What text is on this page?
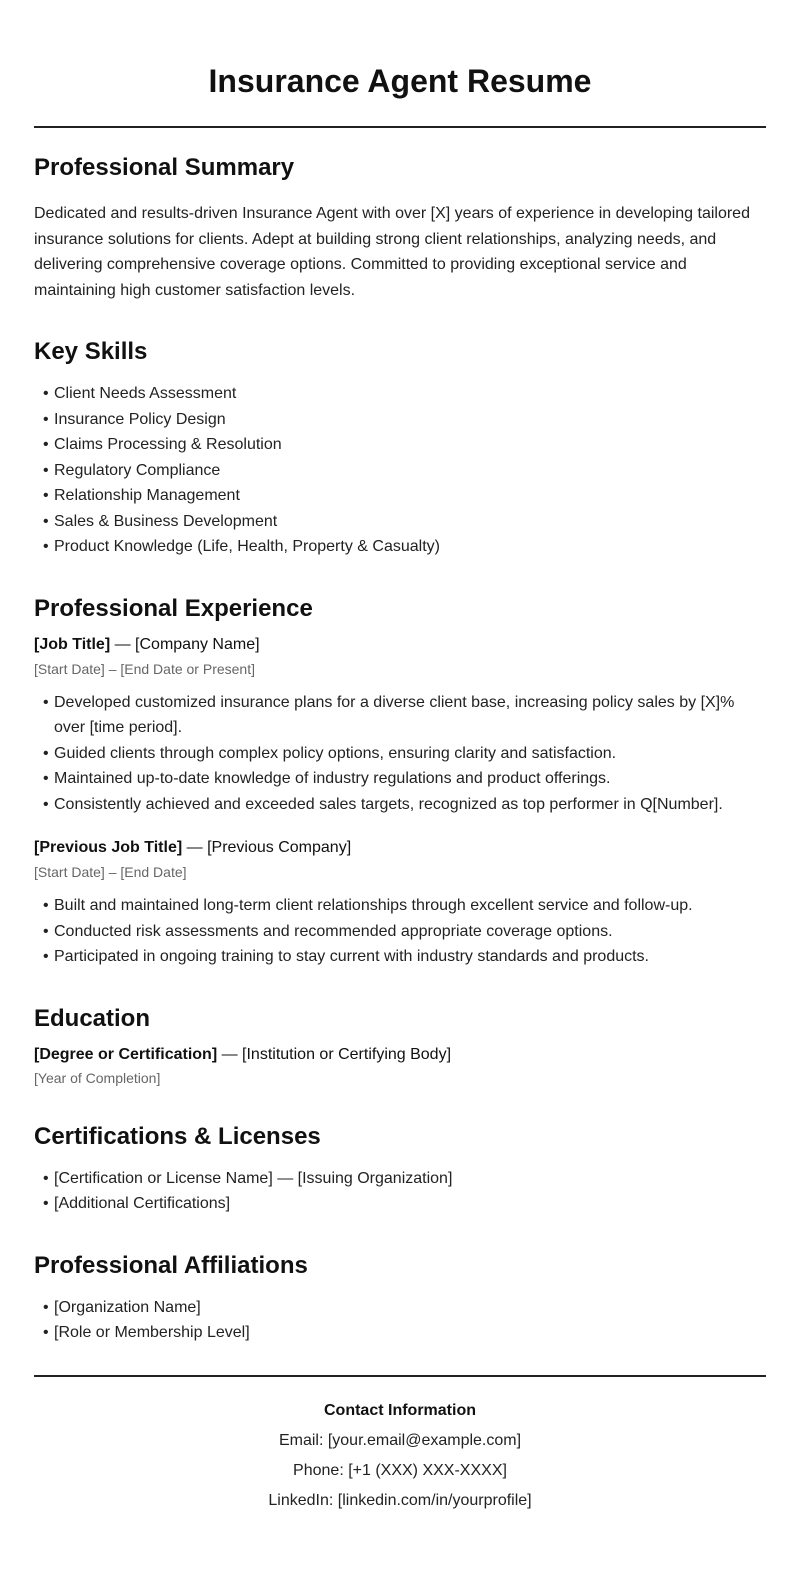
Insurance Agent Resume
Professional Summary

Dedicated and results-driven Insurance Agent with over [X] years of experience in developing tailored insurance solutions for clients. Adept at building strong client relationships, analyzing needs, and delivering comprehensive coverage options. Committed to providing exceptional service and maintaining high customer satisfaction levels.

Key Skills
• Client Needs Assessment
• Insurance Policy Design
• Claims Processing & Resolution
• Regulatory Compliance
• Relationship Management
• Sales & Business Development
• Product Knowledge (Life, Health, Property & Casualty)
Professional Experience

[Job Title] — [Company Name]

[Start Date] – [End Date or Present]

• Developed customized insurance plans for a diverse client base, increasing policy sales by [X]% over [time period].
• Guided clients through complex policy options, ensuring clarity and satisfaction.
• Maintained up-to-date knowledge of industry regulations and product offerings.
• Consistently achieved and exceeded sales targets, recognized as top performer in Q[Number].

[Previous Job Title] — [Previous Company]

[Start Date] – [End Date]

• Built and maintained long-term client relationships through excellent service and follow-up.
• Conducted risk assessments and recommended appropriate coverage options.
• Participated in ongoing training to stay current with industry standards and products.
Education

[Degree or Certification] — [Institution or Certifying Body]

[Year of Completion]

Certifications & Licenses
• [Certification or License Name] — [Issuing Organization]
• [Additional Certifications]
Professional Affiliations
• [Organization Name]
• [Role or Membership Level]
Contact Information
Email: [your.email@example.com]
Phone: [+1 (XXX) XXX-XXXX]
LinkedIn: [linkedin.com/in/yourprofile]
